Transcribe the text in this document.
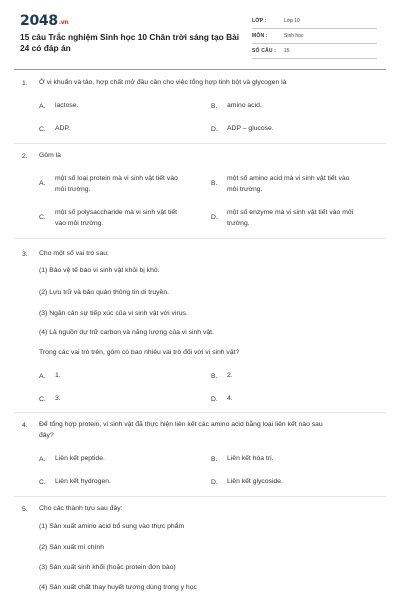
2048.vn
15 câu Trắc nghiệm Sinh học 10 Chân trời sáng tạo Bài 24 có đáp án
LỚP :	Lớp 10
MÔN :	Sinh học
SỐ CÂU : 15
1. Ở vi khuẩn và tảo, hợp chất mở đầu cần cho việc tổng hợp tinh bột và glycogen là
A. lactose.	B. amino acid.
C. ADP.	D. ADP – glucose.
2. Gôm là
A.
một số loại protein mà vi sinh vật tiết vào
môi trường.
B.
một số amino acid mà vi sinh vật tiết vào
môi trường.
C.
một số polysaccharide mà vi sinh vật tiết
vào môi trường.
D.
một số enzyme mà vi sinh vật tiết vào môi
trường.
3. Cho một số vai trò sau:
(1) Bảo vệ tế bào vi sinh vật khỏi bị khô.
(2) Lưu trữ và bảo quản thông tin di truyền.
(3) Ngăn cản sự tiếp xúc của vi sinh vật với virus.
(4) Là nguồn dự trữ carbon và năng lượng của vi sinh vật.
Trong các vai trò trên, gôm có bao nhiêu vai trò đối với vi sinh vật?
A. 1.	B. 2.
C. 3.	D. 4.
4. Để tổng hợp protein, vi sinh vật đã thực hiện liên kết các amino acid bằng loại liên kết nào sau
đây?
A. Liên kết peptide.	B. Liên kết hóa trị.
C. Liên kết hydrogen.	D. Liên kết glycoside.
5. Cho các thành tựu sau đây:
(1) Sản xuất amino acid bổ sung vào thực phẩm
(2) Sản xuất mì chính
(3) Sản xuất sinh khối (hoặc protein đơn bào)
(4) Sản xuất chất thay huyết tương dùng trong y học
